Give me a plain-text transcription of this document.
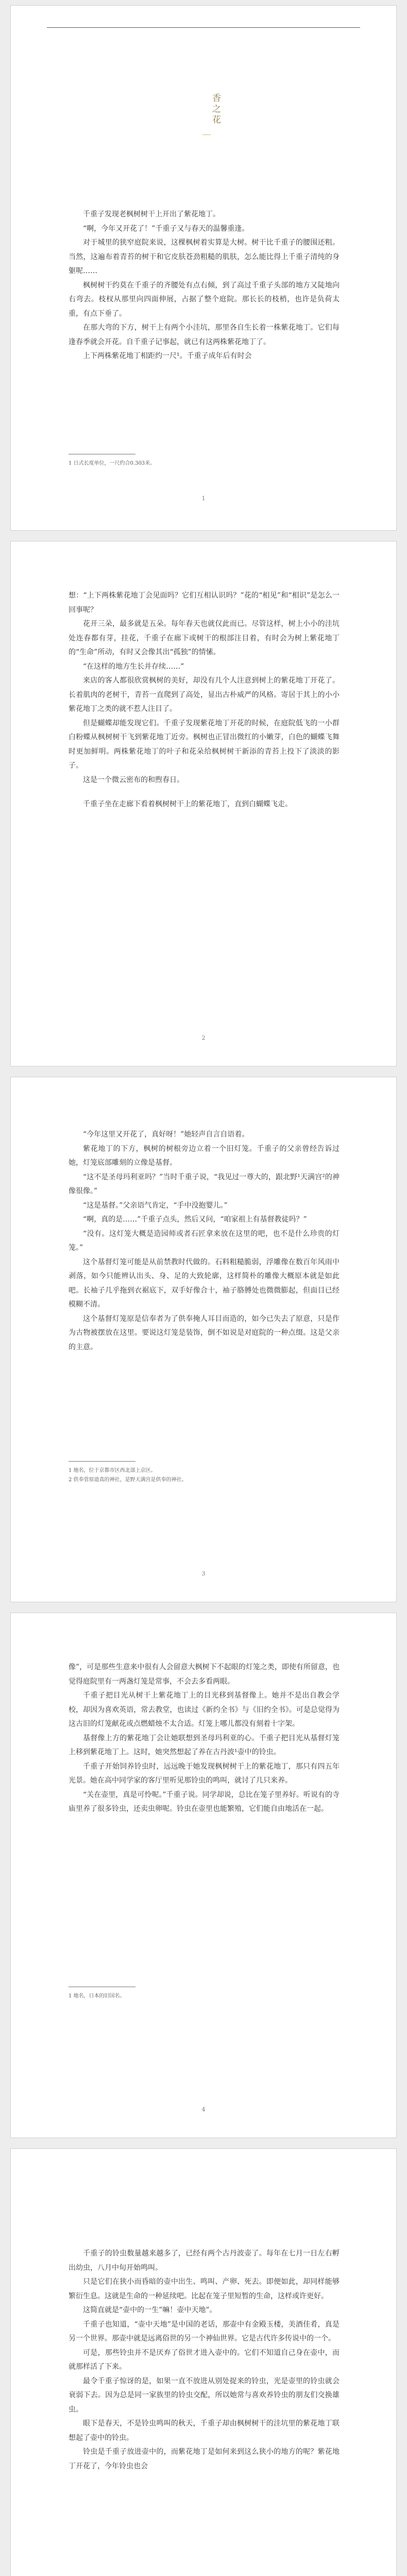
香之花

千重子发现老枫树树干上开出了紫花地丁。

“啊，今年又开花了！”千重子又与春天的温馨重逢。

对于城里的狭窄庭院来说，这棵枫树着实算是大树。树干比千重子的腰围还粗。当然，这遍布着青苔的树干和它皮肤苍劲粗糙的肌肤，怎么能比得上千重子清纯的身躯呢……

枫树树干约莫在千重子的齐腰处有点右倾，到了高过千重子头部的地方又陡地向右弯去。枝杈从那里向四面伸展，占据了整个庭院。那长长的枝梢，也许是负荷太重，有点下垂了。

在那大弯的下方，树干上有两个小洼坑，那里各自生长着一株紫花地丁。它们每逢春季就会开花。自千重子记事起，就已有这两株紫花地丁了。

上下两株紫花地丁相距约一尺¹。千重子成年后有时会

1 日式长度单位，一尺约合0.303米。
1

想：“上下两株紫花地丁会见面吗？它们互相认识吗？”花的“相见”和“相识”是怎么一回事呢？

花开三朵，最多就是五朵。每年春天也就仅此而已。尽管这样，树上小小的洼坑处连春都有芽，挂花，千重子在廊下或树干的根部注目着，有时会为树上紫花地丁的“生命”所动，有时又会像其出“孤独”的情愫。

“在这样的地方生长并存续……”

来店的客人都很欣赏枫树的美好，却没有几个人注意到树上的紫花地丁开花了。长着肌肉的老树干，青苔一直爬到了高处，显出古朴威严的风格。寄居于其上的小小紫花地丁之类的就不惹人注目了。

但是蝴蝶却能发现它们。千重子发现紫花地丁开花的时候，在庭院低飞的一小群白粉蝶从枫树树干飞到紫花地丁近旁。枫树也正冒出微红的小嫩芽，白色的蝴蝶飞舞时更加鲜明。两株紫花地丁的叶子和花朵给枫树树干新添的青苔上投下了淡淡的影子。

这是一个微云密布的和煦春日。

千重子坐在走廊下看着枫树树干上的紫花地丁，直到白蝴蝶飞走。

2

“今年这里又开花了，真好呀！”她轻声自言自语着。

紫花地丁的下方，枫树的树根旁边立着一个旧灯笼。千重子的父亲曾经告诉过她，灯笼底部雕刻的立像是基督。

“这不是圣母玛利亚吗？”当时千重子说，“我见过一尊大的，跟北野¹天满宫²的神像很像。”

“这是基督。”父亲语气肯定，“手中没抱婴儿。”

“啊，真的是……”千重子点头，然后又问，“咱家祖上有基督教徒吗？”

“没有。这灯笼大概是造园师或者石匠拿来放在这里的吧，也不是什么珍贵的灯笼。”

这个基督灯笼可能是从前禁教时代做的。石料粗糙脆弱，浮雕像在数百年风雨中剥落，如今只能辨认出头、身、足的大致轮廓，这样简朴的雕像大概原本就是如此吧。长袖子几乎拖到衣裾底下，双手好像合十，袖子胳膊处也微微膨起，但面目已经模糊不清。

这个基督灯笼原是信奉者为了供奉掩人耳目而造的，如今已失去了原意，只是作为古物被摆放在这里。要说这灯笼是装饰，倒不如说是对庭院的一种点缀。这是父亲的主意。

1 地名，位于京都市区西北部上京区。
2 供奉菅原道真的神社，是野天满宫是供奉的神社。
3

像”，可是那些生意来中很有人会留意大枫树下不起眼的灯笼之类，即使有所留意，也觉得庭院里有一两盏灯笼是常事，不会去多看两眼。

千重子把目光从树干上紫花地丁上的目光移到基督像上。她并不是出自教会学校，却因为喜欢英语，常去教堂，也读过《新约全书》与《旧约全书》。可是总觉得为这古旧的灯笼献花或点燃蜡烛不太合适。灯笼上哪儿都没有刻着十字架。

基督像上方的紫花地丁会让她联想到圣母玛利亚的心。千重子把目光从基督灯笼上移到紫花地丁上。这时，她突然想起了养在古丹波¹壶中的铃虫。

千重子开始饲养铃虫时，远远晚于她发现枫树树干上的紫花地丁，那只有四五年光景。她在高中同学家的客厅里听见那铃虫的鸣叫，就讨了几只来养。

“关在壶里，真是可怜呢。”千重子说。同学却说，总比在笼子里养好。听说有的寺庙里养了很多铃虫，还卖虫卵呢。铃虫在壶里也能繁殖，它们能自由地活在一起。

1 地名，日本的旧国名。
4

千重子的铃虫数量越来越多了，已经有两个古丹波壶了。每年在七月一日左右孵出幼虫，八月中旬开始鸣叫。

只是它们在狭小而昏暗的壶中出生、鸣叫、产卵、死去。即便如此，却同样能够繁衍生息。这就是生命的一种延续吧。比起在笼子里短暂的生命，这样或许更好。

这简直就是“壶中的一生”嘛！壶中天地”。

千重子也知道，“壶中天地”是中国的老话，那壶中有金殿玉楼，美酒佳肴，真是另一个世界。那壶中就是远离俗世的另一个神仙世界。它是古代许多传说中的一个。

可是，那些铃虫并不是厌弃了俗世才进入壶中的。它们不知道自己身在壶中，而就那样活了下来。

最令千重子惊讶的是，如果一直不放进从别处捉来的铃虫，光是壶里的铃虫就会衰弱下去。因为总是同一家族里的铃虫交配，所以她常与喜欢养铃虫的朋友们交换雄虫。

眼下是春天，不是铃虫鸣叫的秋天，千重子却由枫树树干的洼坑里的紫花地丁联想起了壶中的铃虫。

铃虫是千重子放进壶中的，而紫花地丁是如何来到这么狭小的地方的呢？紫花地丁开花了，今年铃虫也会
